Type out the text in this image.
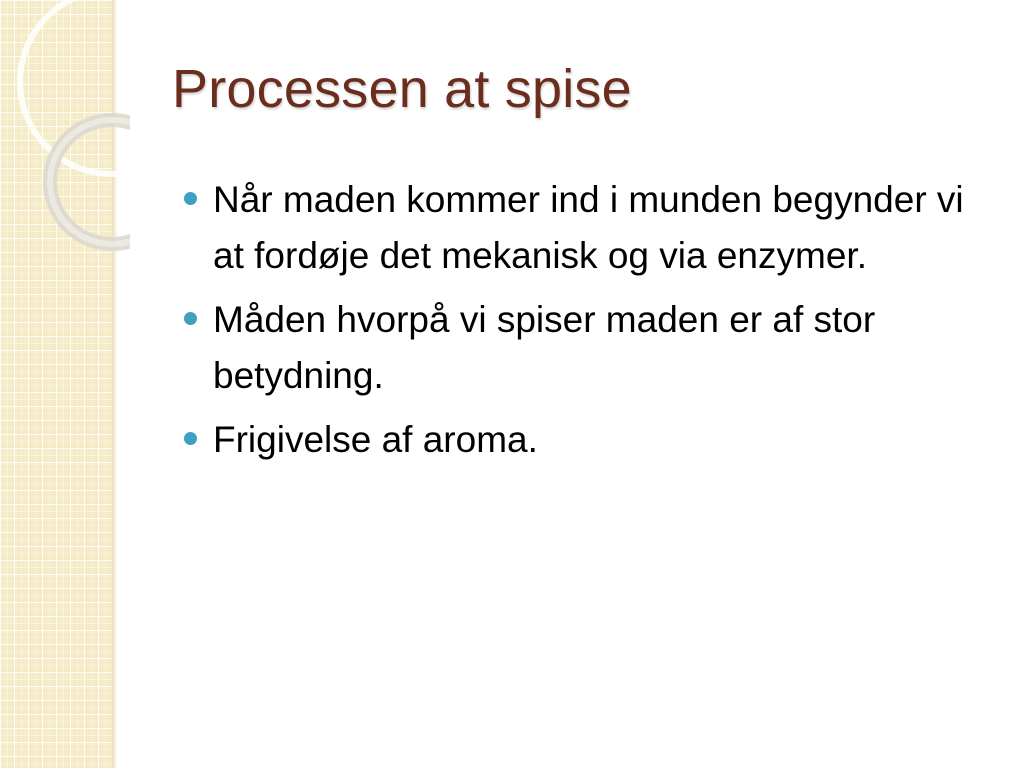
Processen at spise
Når maden kommer ind i munden begynder vi at fordøje det mekanisk og via enzymer.
Måden hvorpå vi spiser maden er af stor betydning.
Frigivelse af aroma.
